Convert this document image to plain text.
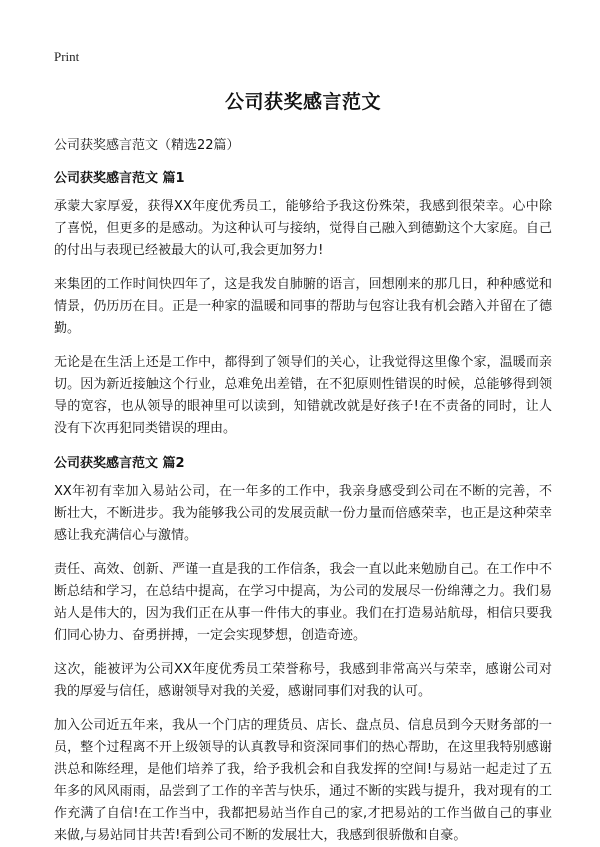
Print
公司获奖感言范文
公司获奖感言范文（精选22篇）
公司获奖感言范文 篇1

承蒙大家厚爱，获得XX年度优秀员工，能够给予我这份殊荣，我感到很荣幸。心中除了喜悦，但更多的是感动。为这种认可与接纳，觉得自己融入到德勤这个大家庭。自己的付出与表现已经被最大的认可,我会更加努力!

来集团的工作时间快四年了，这是我发自肺腑的语言，回想刚来的那几日，种种感觉和情景，仍历历在目。正是一种家的温暖和同事的帮助与包容让我有机会踏入并留在了德勤。

无论是在生活上还是工作中，都得到了领导们的关心，让我觉得这里像个家，温暖而亲切。因为新近接触这个行业，总难免出差错，在不犯原则性错误的时候，总能够得到领导的宽容，也从领导的眼神里可以读到，知错就改就是好孩子!在不责备的同时，让人没有下次再犯同类错误的理由。

公司获奖感言范文 篇2

XX年初有幸加入易站公司，在一年多的工作中，我亲身感受到公司在不断的完善，不断壮大，不断进步。我为能够我公司的发展贡献一份力量而倍感荣幸，也正是这种荣幸感让我充满信心与激情。

责任、高效、创新、严谨一直是我的工作信条，我会一直以此来勉励自己。在工作中不断总结和学习，在总结中提高，在学习中提高，为公司的发展尽一份绵薄之力。我们易站人是伟大的，因为我们正在从事一件伟大的事业。我们在打造易站航母，相信只要我们同心协力、奋勇拼搏，一定会实现梦想，创造奇迹。

这次，能被评为公司XX年度优秀员工荣誉称号，我感到非常高兴与荣幸，感谢公司对我的厚爱与信任，感谢领导对我的关爱，感谢同事们对我的认可。

加入公司近五年来，我从一个门店的理货员、店长、盘点员、信息员到今天财务部的一员，整个过程离不开上级领导的认真教导和资深同事们的热心帮助，在这里我特别感谢洪总和陈经理，是他们培养了我，给予我机会和自我发挥的空间!与易站一起走过了五年多的风风雨雨，品尝到了工作的辛苦与快乐，通过不断的实践与提升，我对现有的工作充满了自信!在工作当中，我都把易站当作自己的家,才把易站的工作当做自己的事业来做,与易站同甘共苦!看到公司不断的发展壮大，我感到很骄傲和自豪。
